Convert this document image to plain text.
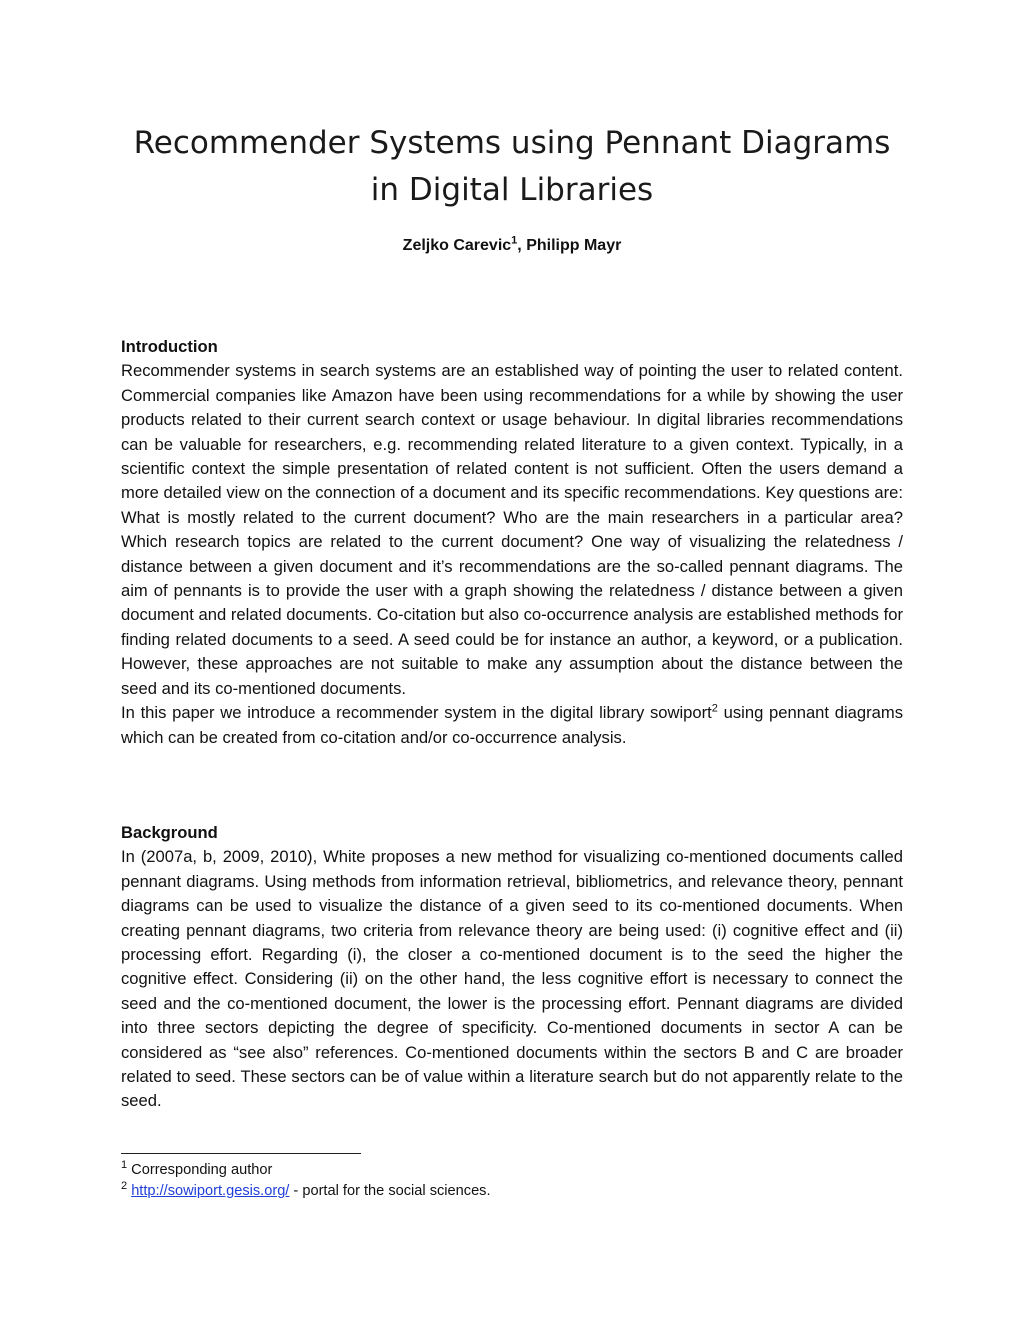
Recommender Systems using Pennant Diagrams
in Digital Libraries
Zeljko Carevic$^1$, Philipp Mayr
Introduction

Recommender systems in search systems are an established way of pointing the user to related content. Commercial companies like Amazon have been using recommendations for a while by showing the user products related to their current search context or usage behaviour. In digital libraries recommendations can be valuable for researchers, e.g. recommending related literature to a given context. Typically, in a scientific context the simple presentation of related content is not sufficient. Often the users demand a more detailed view on the connection of a document and its specific recommendations. Key questions are: What is mostly related to the current document? Who are the main researchers in a particular area? Which research topics are related to the current document? One way of visualizing the relatedness / distance between a given document and it’s recommendations are the so-called pennant diagrams. The aim of pennants is to provide the user with a graph showing the relatedness / distance between a given document and related documents. Co-citation but also co-occurrence analysis are established methods for finding related documents to a seed. A seed could be for instance an author, a keyword, or a publication. However, these approaches are not suitable to make any assumption about the distance between the seed and its co-mentioned documents.

In this paper we introduce a recommender system in the digital library sowiport$^2$ using pennant diagrams which can be created from co-citation and/or co-occurrence analysis.

Background

In (2007a, b, 2009, 2010), White proposes a new method for visualizing co-mentioned documents called pennant diagrams. Using methods from information retrieval, bibliometrics, and relevance theory, pennant diagrams can be used to visualize the distance of a given seed to its co-mentioned documents. When creating pennant diagrams, two criteria from relevance theory are being used: (i) cognitive effect and (ii) processing effort. Regarding (i), the closer a co-mentioned document is to the seed the higher the cognitive effect. Considering (ii) on the other hand, the less cognitive effort is necessary to connect the seed and the co-mentioned document, the lower is the processing effort. Pennant diagrams are divided into three sectors depicting the degree of specificity. Co-mentioned documents in sector A can be considered as “see also” references. Co-mentioned documents within the sectors B and C are broader related to seed. These sectors can be of value within a literature search but do not apparently relate to the seed.

$^1$ Corresponding author
$^2$ http://sowiport.gesis.org/ - portal for the social sciences.
